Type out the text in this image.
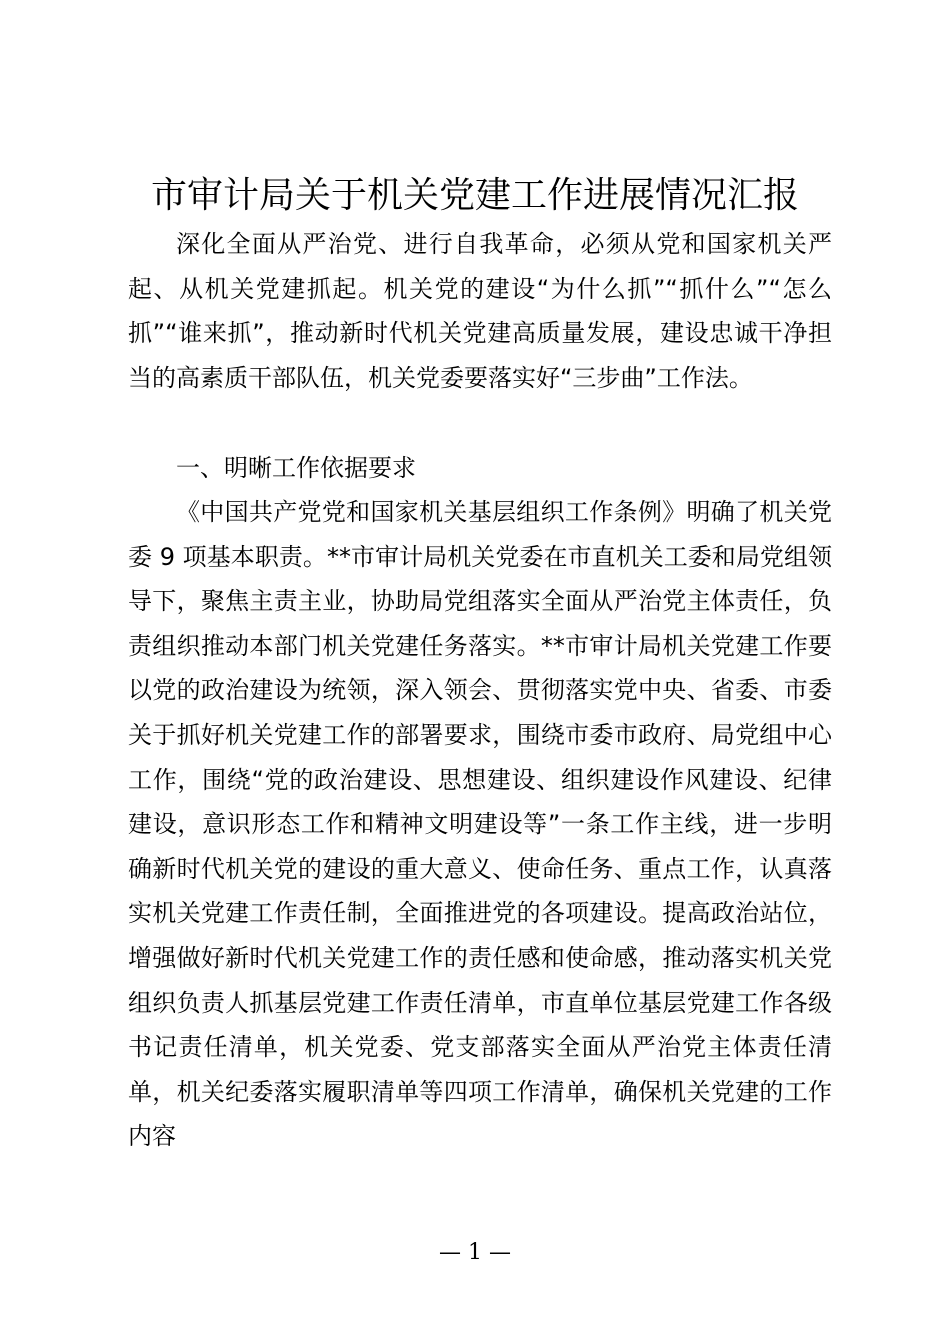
市审计局关于机关党建工作进展情况汇报

深化全面从严治党、进行自我革命，必须从党和国家机关严起、从机关党建抓起。机关党的建设“为什么抓”“抓什么”“怎么抓”“谁来抓”，推动新时代机关党建高质量发展，建设忠诚干净担当的高素质干部队伍，机关党委要落实好“三步曲”工作法。

一、明晰工作依据要求

《中国共产党党和国家机关基层组织工作条例》明确了机关党委 9 项基本职责。**市审计局机关党委在市直机关工委和局党组领导下，聚焦主责主业，协助局党组落实全面从严治党主体责任，负责组织推动本部门机关党建任务落实。**市审计局机关党建工作要以党的政治建设为统领，深入领会、贯彻落实党中央、省委、市委关于抓好机关党建工作的部署要求，围绕市委市政府、局党组中心工作，围绕“党的政治建设、思想建设、组织建设作风建设、纪律建设，意识形态工作和精神文明建设等”一条工作主线，进一步明确新时代机关党的建设的重大意义、使命任务、重点工作，认真落实机关党建工作责任制，全面推进党的各项建设。提高政治站位，增强做好新时代机关党建工作的责任感和使命感，推动落实机关党组织负责人抓基层党建工作责任清单，市直单位基层党建工作各级书记责任清单，机关党委、党支部落实全面从严治党主体责任清单，机关纪委落实履职清单等四项工作清单，确保机关党建的工作内容

— 1 —
